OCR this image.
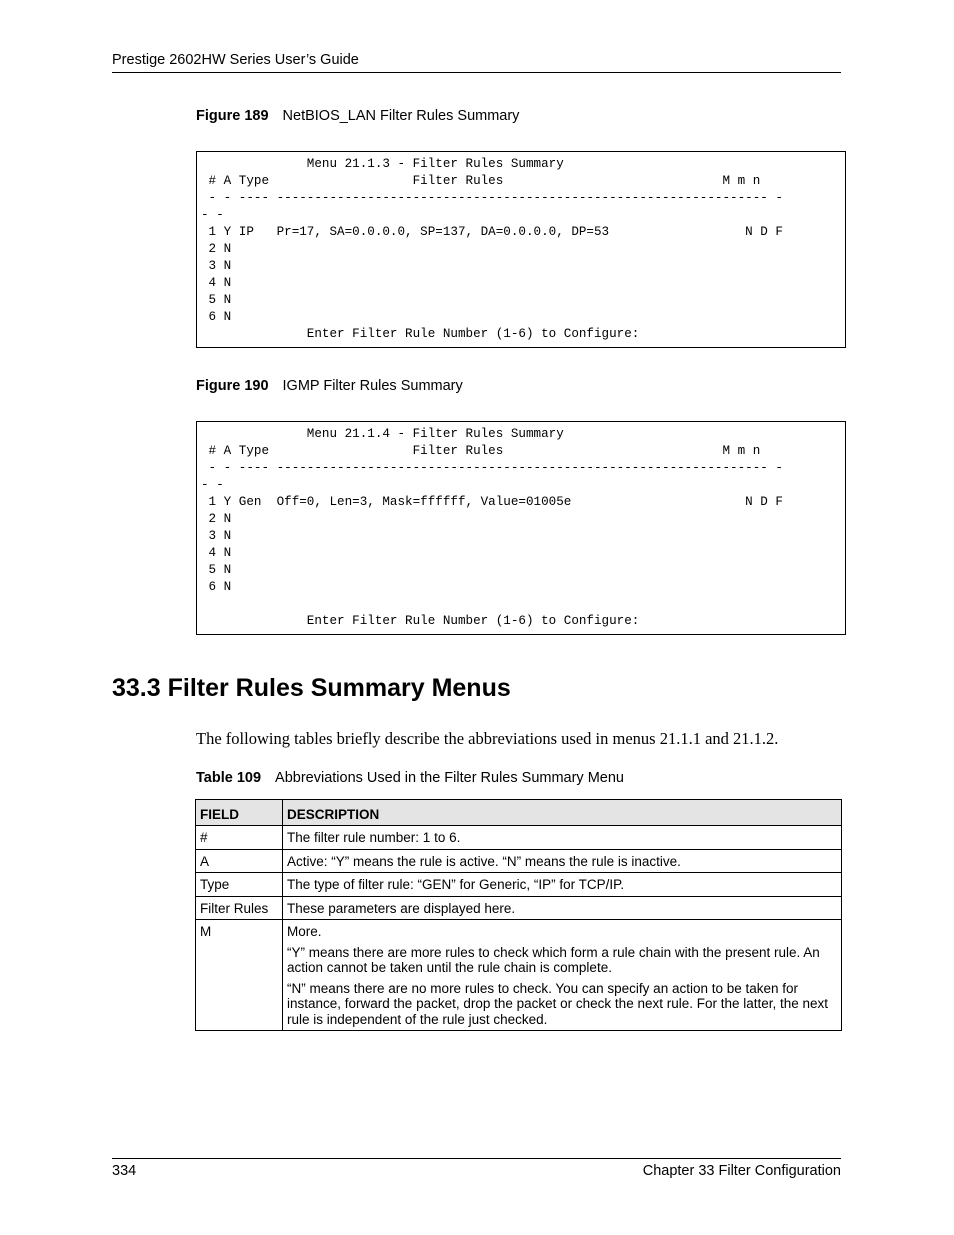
Prestige 2602HW Series User’s Guide
Figure 189 NetBIOS_LAN Filter Rules Summary
Menu 21.1.3 - Filter Rules Summary
# A Type                   Filter Rules                             M m n
- - ---- ----------------------------------------------------------------- -
- -
1 Y IP   Pr=17, SA=0.0.0.0, SP=137, DA=0.0.0.0, DP=53                  N D F
2 N
3 N
4 N
5 N
6 N
Enter Filter Rule Number (1-6) to Configure:
Figure 190 IGMP Filter Rules Summary
Menu 21.1.4 - Filter Rules Summary
# A Type                   Filter Rules                             M m n
- - ---- ----------------------------------------------------------------- -
- -
1 Y Gen  Off=0, Len=3, Mask=ffffff, Value=01005e                       N D F
2 N
3 N
4 N
5 N
6 N

Enter Filter Rule Number (1-6) to Configure:
33.3 Filter Rules Summary Menus
The following tables briefly describe the abbreviations used in menus 21.1.1 and 21.1.2.
Table 109 Abbreviations Used in the Filter Rules Summary Menu
FIELD	DESCRIPTION
#	The filter rule number: 1 to 6.

A	Active: “Y” means the rule is active. “N” means the rule is inactive.

Type	The type of filter rule: “GEN” for Generic, “IP” for TCP/IP.

Filter Rules	These parameters are displayed here.

M	More.

“Y” means there are more rules to check which form a rule chain with the present rule. An action cannot be taken until the rule chain is complete.

“N” means there are no more rules to check. You can specify an action to be taken for instance, forward the packet, drop the packet or check the next rule. For the latter, the next rule is independent of the rule just checked.

334	Chapter 33 Filter Configuration
